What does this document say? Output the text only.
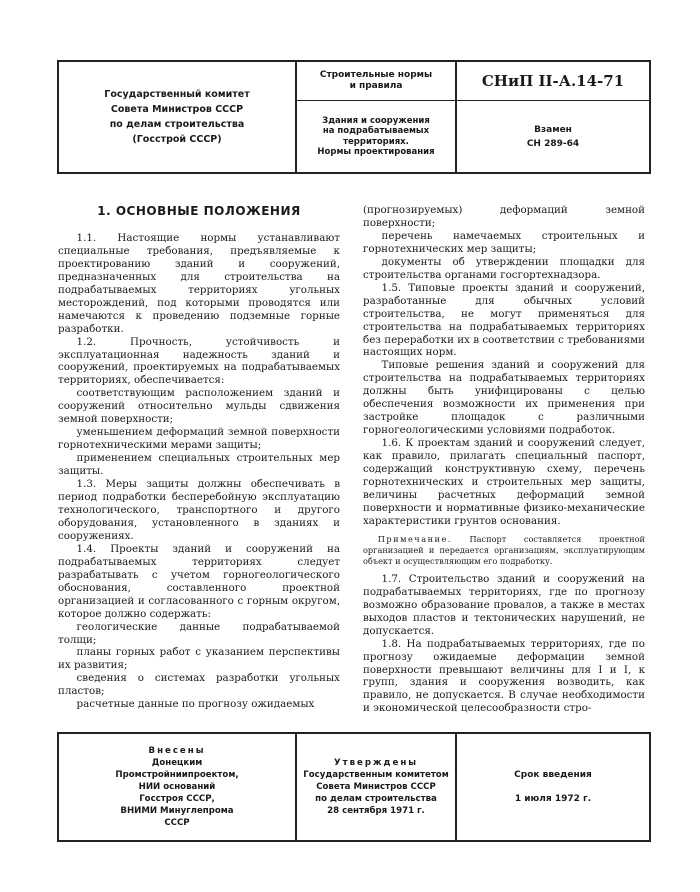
Государственный комитет
Совета Министров СССР
по делам строительства
(Госстрой СССР)
Строительные нормы
и правила
Здания и сооружения
на подрабатываемых
территориях.
Нормы проектирования
СНиП II-А.14-71
Взамен
СН 289-64
1. ОСНОВНЫЕ ПОЛОЖЕНИЯ

1.1. Настоящие нормы устанавливают специальные требования, предъявляемые к проектированию зданий и сооружений, предназначенных для строительства на подрабатываемых территориях угольных месторождений, под которыми проводятся или намечаются к проведению подземные горные разработки.

1.2. Прочность, устойчивость и эксплуатационная надежность зданий и сооружений, проектируемых на подрабатываемых территориях, обеспечивается:

соответствующим расположением зданий и сооружений относительно мульды сдвижения земной поверхности;

уменьшением деформаций земной поверхности горнотехническими мерами защиты;

применением специальных строительных мер защиты.

1.3. Меры защиты должны обеспечивать в период подработки бесперебойную эксплуатацию технологического, транспортного и другого оборудования, установленного в зданиях и сооружениях.

1.4. Проекты зданий и сооружений на подрабатываемых территориях следует разрабатывать с учетом горногеологического обоснования, составленного проектной организацией и согласованного с горным округом, которое должно содержать:

геологические данные подрабатываемой толщи;

планы горных работ с указанием перспективы их развития;

сведения о системах разработки угольных пластов;

расчетные данные по прогнозу ожидаемых

(прогнозируемых) деформаций земной поверхности;

перечень намечаемых строительных и горнотехнических мер защиты;

документы об утверждении площадки для строительства органами госгортехнадзора.

1.5. Типовые проекты зданий и сооружений, разработанные для обычных условий строительства, не могут применяться для строительства на подрабатываемых территориях без переработки их в соответствии с требованиями настоящих норм.

Типовые решения зданий и сооружений для строительства на подрабатываемых территориях должны быть унифицированы с целью обеспечения возможности их применения при застройке площадок с различными горногеологическими условиями подработок.

1.6. К проектам зданий и сооружений следует, как правило, прилагать специальный паспорт, содержащий конструктивную схему, перечень горнотехнических и строительных мер защиты, величины расчетных деформаций земной поверхности и нормативные физико-механические характеристики грунтов основания.

Примечание. Паспорт составляется проектной организацией и передается организациям, эксплуатирующим объект и осуществляющим его подработку.

1.7. Строительство зданий и сооружений на подрабатываемых территориях, где по прогнозу возможно образование провалов, а также в местах выходов пластов и тектонических нарушений, не допускается.

1.8. На подрабатываемых территориях, где по прогнозу ожидаемые деформации земной поверхности превышают величины для I и I, к групп, здания и сооружения возводить, как правило, не допускается. В случае необходимости и экономической целесообразности стро-

Внесены
Донецким
Промстройниипроектом,
НИИ оснований
Госстроя СССР,
ВНИМИ Минуглепрома
СССР
Утверждены
Государственным комитетом
Совета Министров СССР
по делам строительства
28 сентября 1971 г.
Срок введения
1 июля 1972 г.
